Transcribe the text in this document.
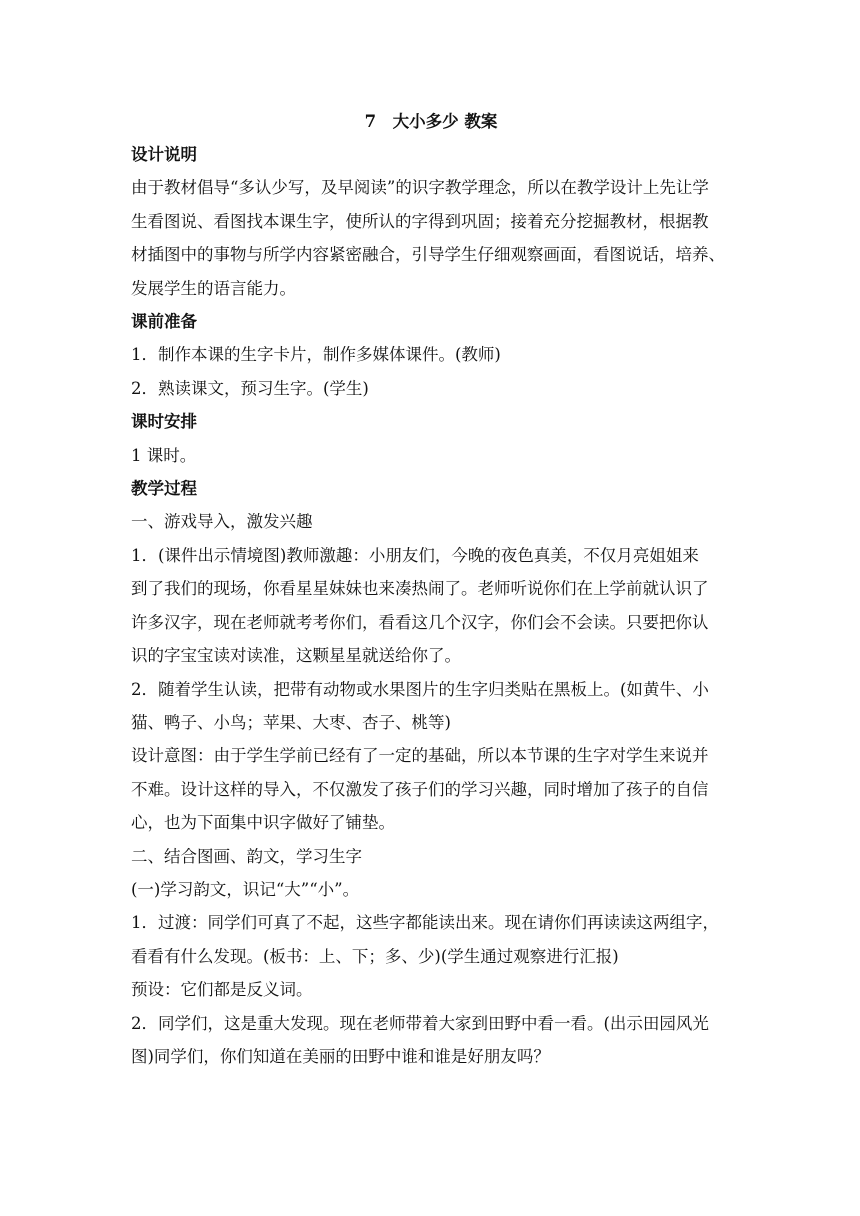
7　大小多少 教案
设计说明
由于教材倡导“多认少写，及早阅读”的识字教学理念，所以在教学设计上先让学
生看图说、看图找本课生字，使所认的字得到巩固；接着充分挖掘教材，根据教
材插图中的事物与所学内容紧密融合，引导学生仔细观察画面，看图说话，培养、
发展学生的语言能力。
课前准备
1．制作本课的生字卡片，制作多媒体课件。(教师)
2．熟读课文，预习生字。(学生)
课时安排
1 课时。
教学过程
一、游戏导入，激发兴趣
1．(课件出示情境图)教师激趣：小朋友们，今晚的夜色真美，不仅月亮姐姐来
到了我们的现场，你看星星妹妹也来凑热闹了。老师听说你们在上学前就认识了
许多汉字，现在老师就考考你们，看看这几个汉字，你们会不会读。只要把你认
识的字宝宝读对读准，这颗星星就送给你了。
2．随着学生认读，把带有动物或水果图片的生字归类贴在黑板上。(如黄牛、小
猫、鸭子、小鸟；苹果、大枣、杏子、桃等)
设计意图：由于学生学前已经有了一定的基础，所以本节课的生字对学生来说并
不难。设计这样的导入，不仅激发了孩子们的学习兴趣，同时增加了孩子的自信
心，也为下面集中识字做好了铺垫。
二、结合图画、韵文，学习生字
(一)学习韵文，识记“大”“小”。
1．过渡：同学们可真了不起，这些字都能读出来。现在请你们再读读这两组字，
看看有什么发现。(板书：上、下；多、少)(学生通过观察进行汇报)
预设：它们都是反义词。
2．同学们，这是重大发现。现在老师带着大家到田野中看一看。(出示田园风光
图)同学们，你们知道在美丽的田野中谁和谁是好朋友吗？
